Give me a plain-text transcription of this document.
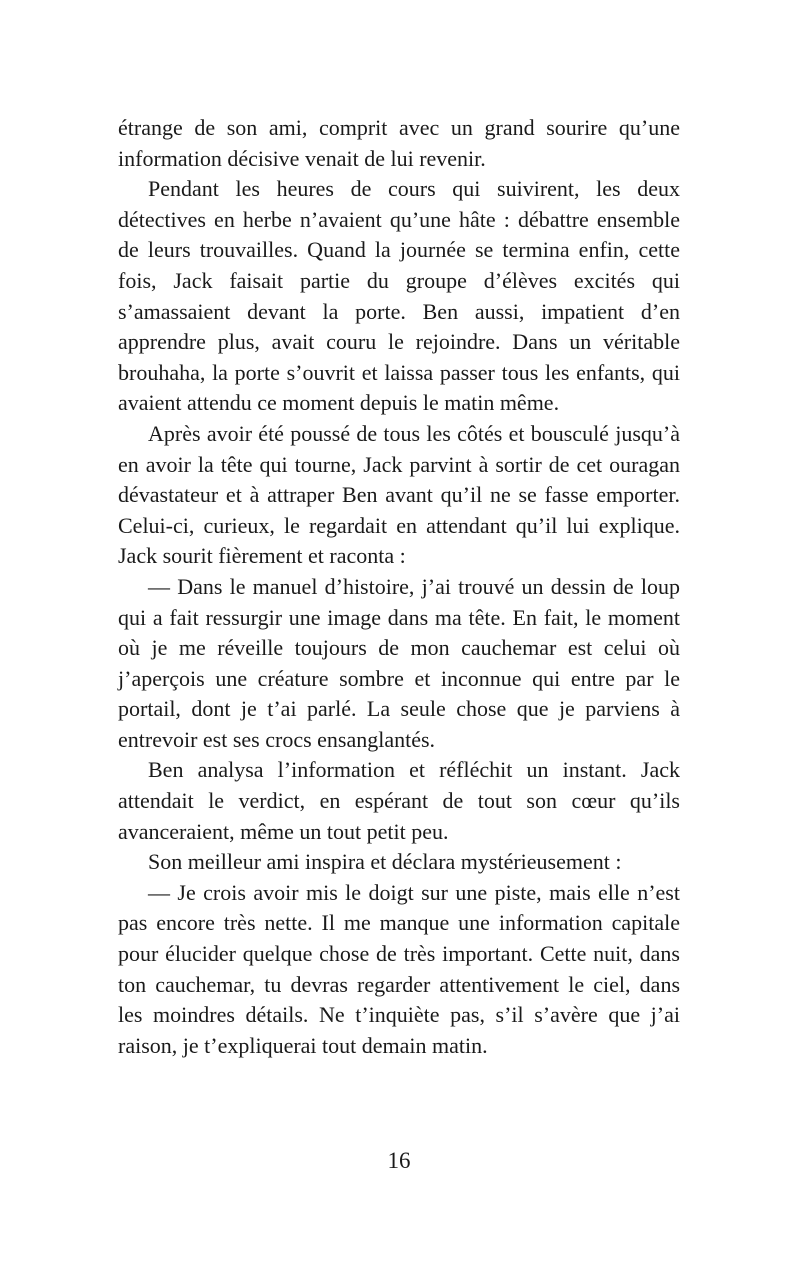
étrange de son ami, comprit avec un grand sourire qu’une information décisive venait de lui revenir.

Pendant les heures de cours qui suivirent, les deux détectives en herbe n’avaient qu’une hâte : débattre ensemble de leurs trouvailles. Quand la journée se termina enfin, cette fois, Jack faisait partie du groupe d’élèves excités qui s’amassaient devant la porte. Ben aussi, impatient d’en apprendre plus, avait couru le rejoindre. Dans un véritable brouhaha, la porte s’ouvrit et laissa passer tous les enfants, qui avaient attendu ce moment depuis le matin même.

Après avoir été poussé de tous les côtés et bousculé jusqu’à en avoir la tête qui tourne, Jack parvint à sortir de cet ouragan dévastateur et à attraper Ben avant qu’il ne se fasse emporter. Celui-ci, curieux, le regardait en attendant qu’il lui explique. Jack sourit fièrement et raconta :

— Dans le manuel d’histoire, j’ai trouvé un dessin de loup qui a fait ressurgir une image dans ma tête. En fait, le moment où je me réveille toujours de mon cauchemar est celui où j’aperçois une créature sombre et inconnue qui entre par le portail, dont je t’ai parlé. La seule chose que je parviens à entrevoir est ses crocs ensanglantés.

Ben analysa l’information et réfléchit un instant. Jack attendait le verdict, en espérant de tout son cœur qu’ils avanceraient, même un tout petit peu.

Son meilleur ami inspira et déclara mystérieusement :

— Je crois avoir mis le doigt sur une piste, mais elle n’est pas encore très nette. Il me manque une information capitale pour élucider quelque chose de très important. Cette nuit, dans ton cauchemar, tu devras regarder attentivement le ciel, dans les moindres détails. Ne t’inquiète pas, s’il s’avère que j’ai raison, je t’expliquerai tout demain matin.

16
